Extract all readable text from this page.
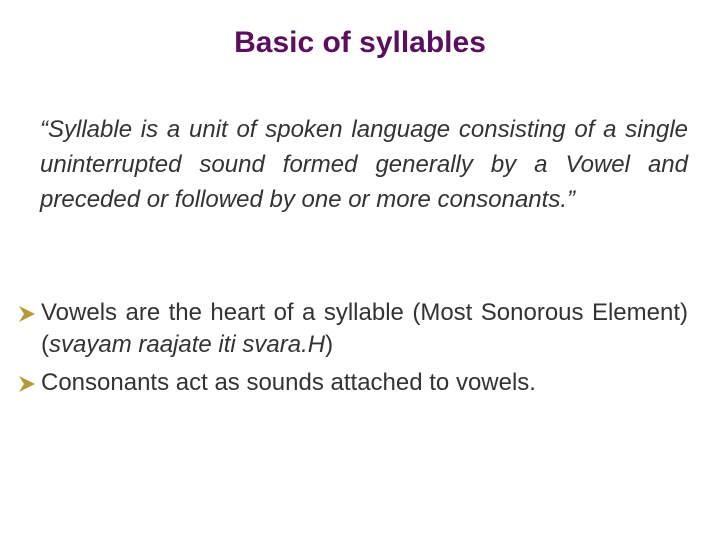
Basic of syllables

“Syllable is a unit of spoken language consisting of a single uninterrupted sound formed generally by a Vowel and preceded or followed by one or more consonants.”

Vowels are the heart of a syllable (Most Sonorous Element) (svayam raajate iti svara.H)
Consonants act as sounds attached to vowels.
